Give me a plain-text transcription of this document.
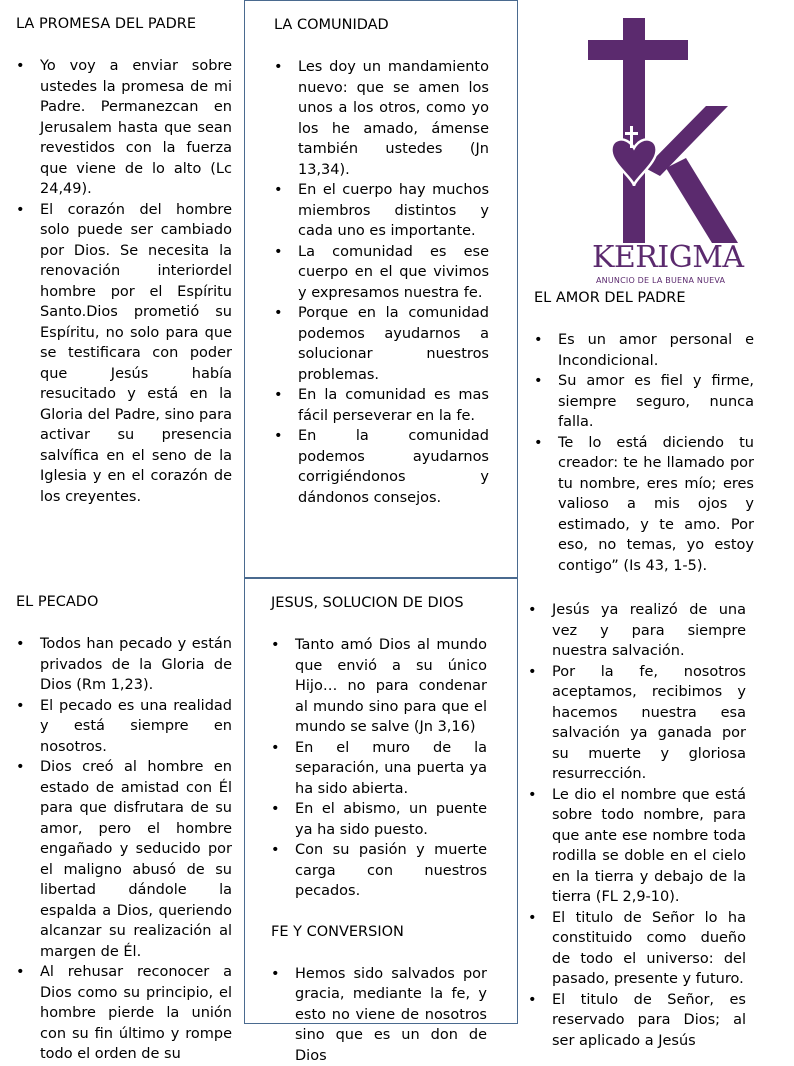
LA PROMESA DEL PADRE
• Yo voy a enviar sobre ustedes la promesa de mi Padre. Permanezcan en Jerusalem hasta que sean revestidos con la fuerza que viene de lo alto (Lc 24,49).
• El corazón del hombre solo puede ser cambiado por Dios. Se necesita la renovación interiordel hombre por el Espíritu Santo.Dios prometió su Espíritu, no solo para que se testificara con poder que Jesús había resucitado y está en la Gloria del Padre, sino para activar su presencia salvífica en el seno de la Iglesia y en el corazón de los creyentes.
LA COMUNIDAD
• Les doy un mandamiento nuevo: que se amen los unos a los otros, como yo los he amado, ámense también ustedes (Jn 13,34).
• En el cuerpo hay muchos miembros distintos y cada uno es importante.
• La comunidad es ese cuerpo en el que vivimos y expresamos nuestra fe.
• Porque en la comunidad podemos ayudarnos a solucionar nuestros problemas.
• En la comunidad es mas fácil perseverar en la fe.
• En la comunidad podemos ayudarnos corrigiéndonos y dándonos consejos.
KERIGMA
ANUNCIO DE LA BUENA NUEVA
EL AMOR DEL PADRE
• Es un amor personal e Incondicional.
• Su amor es fiel y firme, siempre seguro, nunca falla.
• Te lo está diciendo tu creador: te he llamado por tu nombre, eres mío; eres valioso a mis ojos y estimado, y te amo. Por eso, no temas, yo estoy contigo” (Is 43, 1-5).
EL PECADO
• Todos han pecado y están privados de la Gloria de Dios (Rm 1,23).
• El pecado es una realidad y está siempre en nosotros.
• Dios creó al hombre en estado de amistad con Él para que disfrutara de su amor, pero el hombre engañado y seducido por el maligno abusó de su libertad dándole la espalda a Dios, queriendo alcanzar su realización al margen de Él.
• Al rehusar reconocer a Dios como su principio, el hombre pierde la unión con su fin último y rompe todo el orden de su
JESUS, SOLUCION DE DIOS
• Tanto amó Dios al mundo que envió a su único Hijo… no para condenar al mundo sino para que el mundo se salve (Jn 3,16)
• En el muro de la separación, una puerta ya ha sido abierta.
• En el abismo, un puente ya ha sido puesto.
• Con su pasión y muerte carga con nuestros pecados.
FE Y CONVERSION
• Hemos sido salvados por gracia, mediante la fe, y esto no viene de nosotros sino que es un don de Dios
• Jesús ya realizó de una vez y para siempre nuestra salvación.
• Por la fe, nosotros aceptamos, recibimos y hacemos nuestra esa salvación ya ganada por su muerte y gloriosa resurrección.
• Le dio el nombre que está sobre todo nombre, para que ante ese nombre toda rodilla se doble en el cielo en la tierra y debajo de la tierra (FL 2,9-10).
• El titulo de Señor lo ha constituido como dueño de todo el universo: del pasado, presente y futuro.
• El titulo de Señor, es reservado para Dios; al ser aplicado a Jesús
